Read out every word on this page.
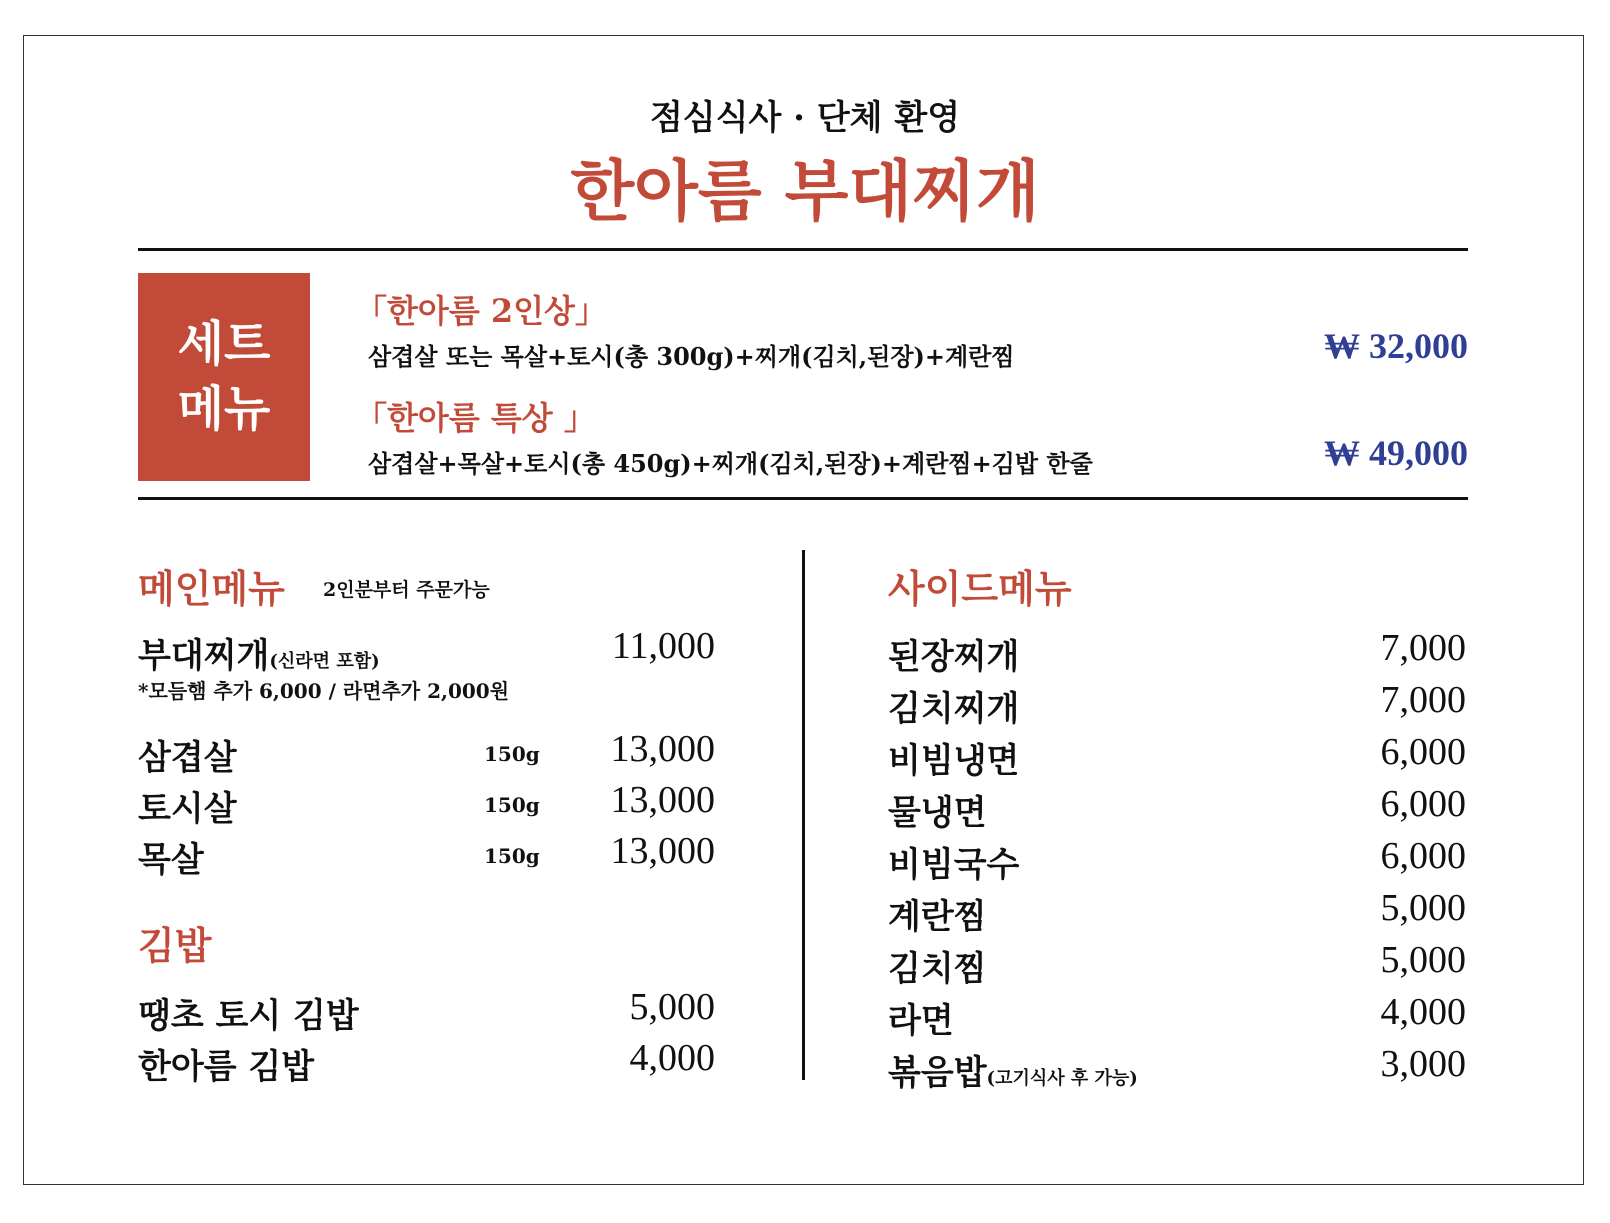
점심식사 · 단체 환영
한아름 부대찌개
세트
메뉴
「한아름 2인상」
삼겹살 또는 목살+토시(총 300g)+찌개(김치,된장)+계란찜	₩ 32,000
「한아름 특상 」
삼겹살+목살+토시(총 450g)+찌개(김치,된장)+계란찜+김밥 한줄	₩ 49,000
메인메뉴 2인분부터 주문가능
부대찌개(신라면 포함)	11,000
*모듬햄 추가 6,000 / 라면추가 2,000원
삼겹살	150g	13,000
토시살	150g	13,000
목살	150g	13,000
김밥
땡초 토시 김밥	5,000
한아름 김밥	4,000
사이드메뉴
된장찌개	7,000
김치찌개	7,000
비빔냉면	6,000
물냉면	6,000
비빔국수	6,000
계란찜	5,000
김치찜	5,000
라면	4,000
볶음밥(고기식사 후 가능)	3,000
